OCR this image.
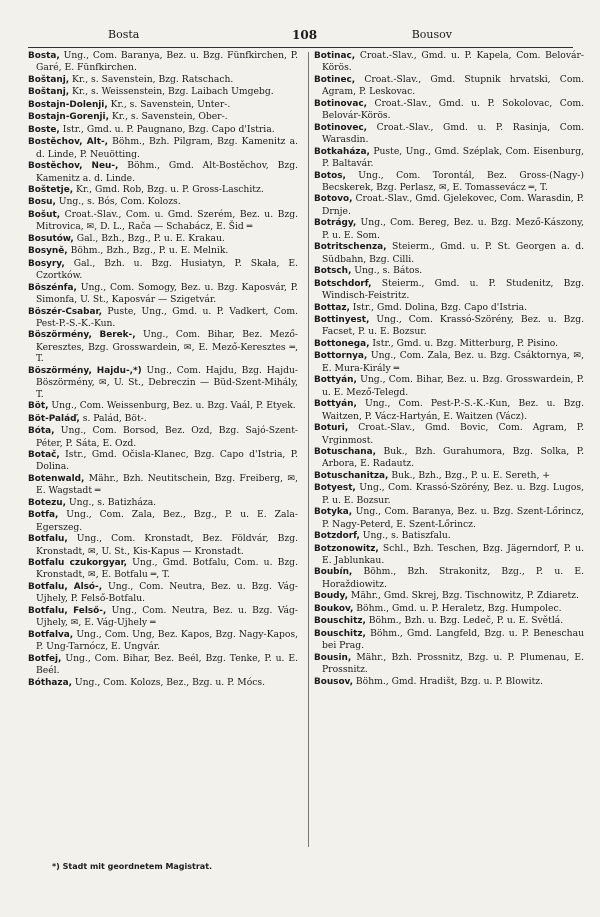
Bosta	108	Bousov
Bosta, Ung., Com. Baranya, Bez. u. Bzg. Fünfkirchen, P. Garé, E. Fünfkirchen.
Boštanj, Kr., s. Savenstein, Bzg. Ratschach.
Boštanj, Kr., s. Weissenstein, Bzg. Laibach Umgebg.
Bostajn-Dolenji, Kr., s. Savenstein, Unter-.
Bostajn-Gorenji, Kr., s. Savenstein, Ober-.
Boste, Istr., Gmd. u. P. Paugnano, Bzg. Capo d'Istria.
Bostěchov, Alt-, Böhm., Bzh. Pilgram, Bzg. Kamenitz a. d. Linde, P. Neuötting.
Bostěchov, Neu-, Böhm., Gmd. Alt-Bostěchov, Bzg. Kamenitz a. d. Linde.
Boštetje, Kr., Gmd. Rob, Bzg. u. P. Gross-Laschitz.
Bosu, Ung., s. Bós, Com. Kolozs.
Bošut, Croat.-Slav., Com. u. Gmd. Szerém, Bez. u. Bzg. Mitrovica, ✉, D. L., Rača — Schabácz, E. Šid ═
Bosutów, Gal., Bzh., Bzg., P. u. E. Krakau.
Bosyně, Böhm., Bzh., Bzg., P. u. E. Melnik.
Bosyry, Gal., Bzh. u. Bzg. Husiatyn, P. Skała, E. Czortków.
Böszénfa, Ung., Com. Somogy, Bez. u. Bzg. Kaposvár, P. Simonfa, U. St., Kaposvár — Szigetvár.
Böszér-Csabar, Puste, Ung., Gmd. u. P. Vadkert, Com. Pest-P.-S.-K.-Kun.
Böszörmény, Berek-, Ung., Com. Bihar, Bez. Mező-Keresztes, Bzg. Grosswardein, ✉, E. Mező-Keresztes ═, T.
Böszörmény, Hajdu-,*) Ung., Com. Hajdu, Bzg. Hajdu-Böszörmény, ✉, U. St., Debreczin — Büd-Szent-Mihály, T.
Böt, Ung., Com. Weissenburg, Bez. u. Bzg. Vaál, P. Etyek.
Böt-Paláď, s. Palád, Böt-.
Bóta, Ung., Com. Borsod, Bez. Ozd, Bzg. Sajó-Szent-Péter, P. Sáta, E. Ozd.
Botač, Istr., Gmd. Očisla-Klanec, Bzg. Capo d'Istria, P. Dolina.
Botenwald, Mähr., Bzh. Neutitschein, Bzg. Freiberg, ✉, E. Wagstadt ═
Botezu, Ung., s. Batizháza.
Botfa, Ung., Com. Zala, Bez., Bzg., P. u. E. Zala-Egerszeg.
Botfalu, Ung., Com. Kronstadt, Bez. Földvár, Bzg. Kronstadt, ✉, U. St., Kis-Kapus — Kronstadt.
Botfalu czukorgyar, Ung., Gmd. Botfalu, Com. u. Bzg. Kronstadt, ✉, E. Botfalu ═, T.
Botfalu, Alsó-, Ung., Com. Neutra, Bez. u. Bzg. Vág-Ujhely, P. Felső-Botfalu.
Botfalu, Felső-, Ung., Com. Neutra, Bez. u. Bzg. Vág-Ujhely, ✉, E. Vág-Ujhely ═
Botfalva, Ung., Com. Ung, Bez. Kapos, Bzg. Nagy-Kapos, P. Ung-Tarnócz, E. Ungvár.
Botfej, Ung., Com. Bihar, Bez. Beél, Bzg. Tenke, P. u. E. Beél.
Bóthaza, Ung., Com. Kolozs, Bez., Bzg. u. P. Mócs.
Botinac, Croat.-Slav., Gmd. u. P. Kapela, Com. Belovár-Körös.
Botinec, Croat.-Slav., Gmd. Stupnik hrvatski, Com. Agram, P. Leskovac.
Botinovac, Croat.-Slav., Gmd. u. P. Sokolovac, Com. Belovár-Körös.
Botinovec, Croat.-Slav., Gmd. u. P. Rasinja, Com. Warasdin.
Botkaháza, Puste, Ung., Gmd. Széplak, Com. Eisenburg, P. Baltavár.
Botos, Ung., Com. Torontál, Bez. Gross-(Nagy-) Becskerek, Bzg. Perlasz, ✉, E. Tomassevácz ═, T.
Botovo, Croat.-Slav., Gmd. Gjelekovec, Com. Warasdin, P. Drnje.
Botrágy, Ung., Com. Bereg, Bez. u. Bzg. Mező-Kászony, P. u. E. Som.
Botritschenza, Steierm., Gmd. u. P. St. Georgen a. d. Südbahn, Bzg. Cilli.
Botsch, Ung., s. Bátos.
Botschdorf, Steierm., Gmd. u. P. Studenitz, Bzg. Windisch-Feistritz.
Bottaz, Istr., Gmd. Dolina, Bzg. Capo d'Istria.
Bottinyest, Ung., Com. Krassó-Szörény, Bez. u. Bzg. Facset, P. u. E. Bozsur.
Bottonega, Istr., Gmd. u. Bzg. Mitterburg, P. Pisino.
Bottornya, Ung., Com. Zala, Bez. u. Bzg. Csáktornya, ✉, E. Mura-Király ═
Bottyán, Ung., Com. Bihar, Bez. u. Bzg. Grosswardein, P. u. E. Mező-Telegd.
Bottyán, Ung., Com. Pest-P.-S.-K.-Kun, Bez. u. Bzg. Waitzen, P. Vácz-Hartyán, E. Waitzen (Vácz).
Boturi, Croat.-Slav., Gmd. Bovic, Com. Agram, P. Vrginmost.
Botuschana, Buk., Bzh. Gurahumora, Bzg. Solka, P. Arbora, E. Radautz.
Botuschanitza, Buk., Bzh., Bzg., P. u. E. Sereth, +
Botyest, Ung., Com. Krassó-Szörény, Bez. u. Bzg. Lugos, P. u. E. Bozsur.
Botyka, Ung., Com. Baranya, Bez. u. Bzg. Szent-Lőrincz, P. Nagy-Peterd, E. Szent-Lőrincz.
Botzdorf, Ung., s. Batiszfalu.
Botzonowitz, Schl., Bzh. Teschen, Bzg. Jägerndorf, P. u. E. Jablunkau.
Boubín, Böhm., Bzh. Strakonitz, Bzg., P. u. E. Horaždiowitz.
Boudy, Mähr., Gmd. Skrej, Bzg. Tischnowitz, P. Zdiaretz.
Boukov, Böhm., Gmd. u. P. Heraletz, Bzg. Humpolec.
Bouschitz, Böhm., Bzh. u. Bzg. Ledeč, P. u. E. Světlá.
Bouschitz, Böhm., Gmd. Langfeld, Bzg. u. P. Beneschau bei Prag.
Bousin, Mähr., Bzh. Prossnitz, Bzg. u. P. Plumenau, E. Prossnitz.
Bousov, Böhm., Gmd. Hradišt, Bzg. u. P. Blowitz.
*) Stadt mit geordnetem Magistrat.
